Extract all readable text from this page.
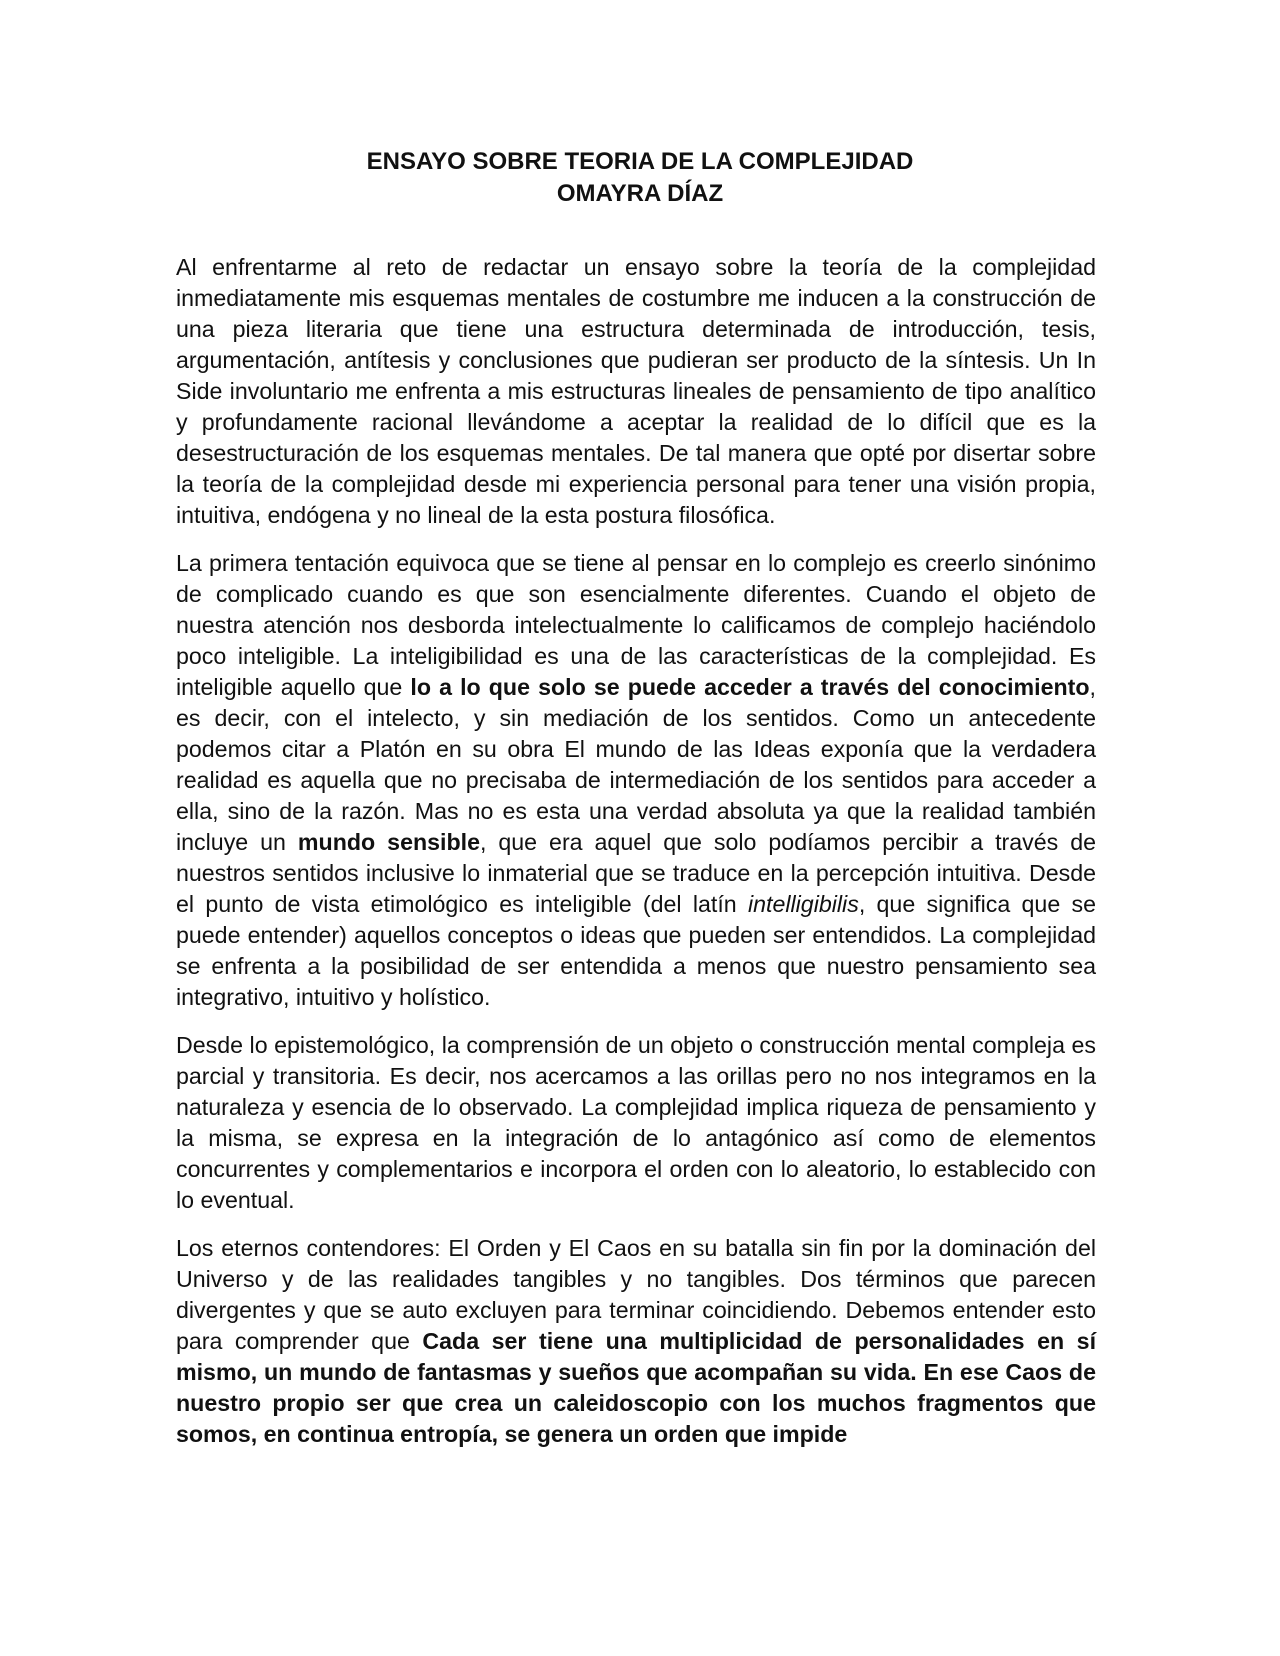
ENSAYO SOBRE TEORIA DE LA COMPLEJIDAD
OMAYRA DÍAZ

Al enfrentarme al reto de redactar un ensayo sobre la teoría de la complejidad inmediatamente mis esquemas mentales de costumbre me inducen a la construcción de una pieza literaria que tiene una estructura determinada de introducción, tesis, argumentación, antítesis y conclusiones que pudieran ser producto de la síntesis. Un In Side involuntario me enfrenta a mis estructuras lineales de pensamiento de tipo analítico y profundamente racional llevándome a aceptar la realidad de lo difícil que es la desestructuración de los esquemas mentales. De tal manera que opté por disertar sobre la teoría de la complejidad desde mi experiencia personal para tener una visión propia, intuitiva, endógena y no lineal de la esta postura filosófica.

La primera tentación equivoca que se tiene al pensar en lo complejo es creerlo sinónimo de complicado cuando es que son esencialmente diferentes. Cuando el objeto de nuestra atención nos desborda intelectualmente lo calificamos de complejo haciéndolo poco inteligible. La inteligibilidad es una de las características de la complejidad. Es inteligible aquello que lo a lo que solo se puede acceder a través del conocimiento, es decir, con el intelecto, y sin mediación de los sentidos. Como un antecedente podemos citar a Platón en su obra El mundo de las Ideas exponía que la verdadera realidad es aquella que no precisaba de intermediación de los sentidos para acceder a ella, sino de la razón. Mas no es esta una verdad absoluta ya que la realidad también incluye un mundo sensible, que era aquel que solo podíamos percibir a través de nuestros sentidos inclusive lo inmaterial que se traduce en la percepción intuitiva. Desde el punto de vista etimológico es inteligible (del latín intelligibilis, que significa que se puede entender) aquellos conceptos o ideas que pueden ser entendidos. La complejidad se enfrenta a la posibilidad de ser entendida a menos que nuestro pensamiento sea integrativo, intuitivo y holístico.

Desde lo epistemológico, la comprensión de un objeto o construcción mental compleja es parcial y transitoria. Es decir, nos acercamos a las orillas pero no nos integramos en la naturaleza y esencia de lo observado. La complejidad implica riqueza de pensamiento y la misma, se expresa en la integración de lo antagónico así como de elementos concurrentes y complementarios e incorpora el orden con lo aleatorio, lo establecido con lo eventual.

Los eternos contendores: El Orden y El Caos en su batalla sin fin por la dominación del Universo y de las realidades tangibles y no tangibles. Dos términos que parecen divergentes y que se auto excluyen para terminar coincidiendo. Debemos entender esto para comprender que Cada ser tiene una multiplicidad de personalidades en sí mismo, un mundo de fantasmas y sueños que acompañan su vida. En ese Caos de nuestro propio ser que crea un caleidoscopio con los muchos fragmentos que somos, en continua entropía, se genera un orden que impide
